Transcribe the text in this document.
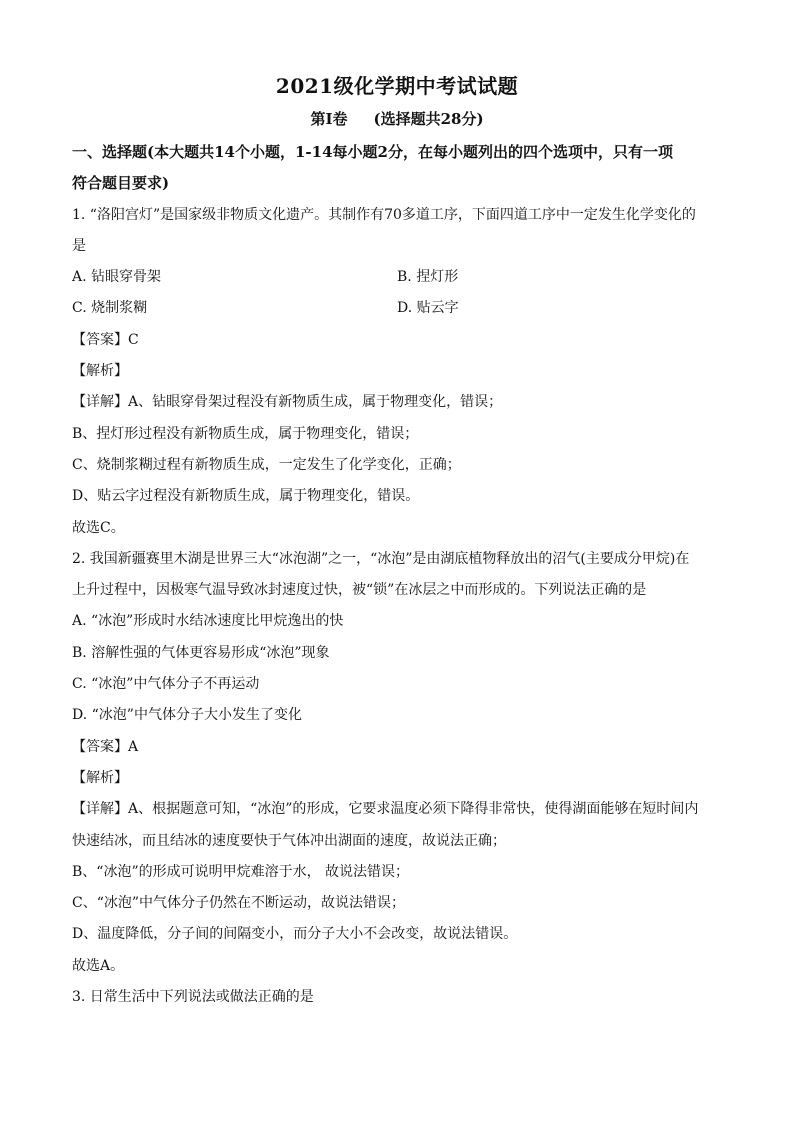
2021级化学期中考试试题
第I卷 (选择题共28分)
一、选择题(本大题共14个小题，1-14每小题2分，在每小题列出的四个选项中，只有一项
符合题目要求)
1. “洛阳宫灯”是国家级非物质文化遗产。其制作有70多道工序，下面四道工序中一定发生化学变化的
是
A. 钻眼穿骨架	B. 捏灯形
C. 烧制浆糊	D. 贴云字
【答案】C
【解析】
【详解】A、钻眼穿骨架过程没有新物质生成，属于物理变化，错误；
B、捏灯形过程没有新物质生成，属于物理变化，错误；
C、烧制浆糊过程有新物质生成，一定发生了化学变化，正确；
D、贴云字过程没有新物质生成，属于物理变化，错误。
故选C。
2. 我国新疆赛里木湖是世界三大“冰泡湖”之一，“冰泡”是由湖底植物释放出的沼气(主要成分甲烷)在
上升过程中，因极寒气温导致冰封速度过快，被“锁”在冰层之中而形成的。下列说法正确的是
A. “冰泡”形成时水结冰速度比甲烷逸出的快
B. 溶解性强的气体更容易形成“冰泡”现象
C. “冰泡”中气体分子不再运动
D. “冰泡”中气体分子大小发生了变化
【答案】A
【解析】
【详解】A、根据题意可知，“冰泡”的形成，它要求温度必须下降得非常快，使得湖面能够在短时间内
快速结冰，而且结冰的速度要快于气体冲出湖面的速度，故说法正确；
B、“冰泡”的形成可说明甲烷难溶于水， 故说法错误；
C、“冰泡”中气体分子仍然在不断运动，故说法错误；
D、温度降低，分子间的间隔变小，而分子大小不会改变，故说法错误。
故选A。
3. 日常生活中下列说法或做法正确的是
